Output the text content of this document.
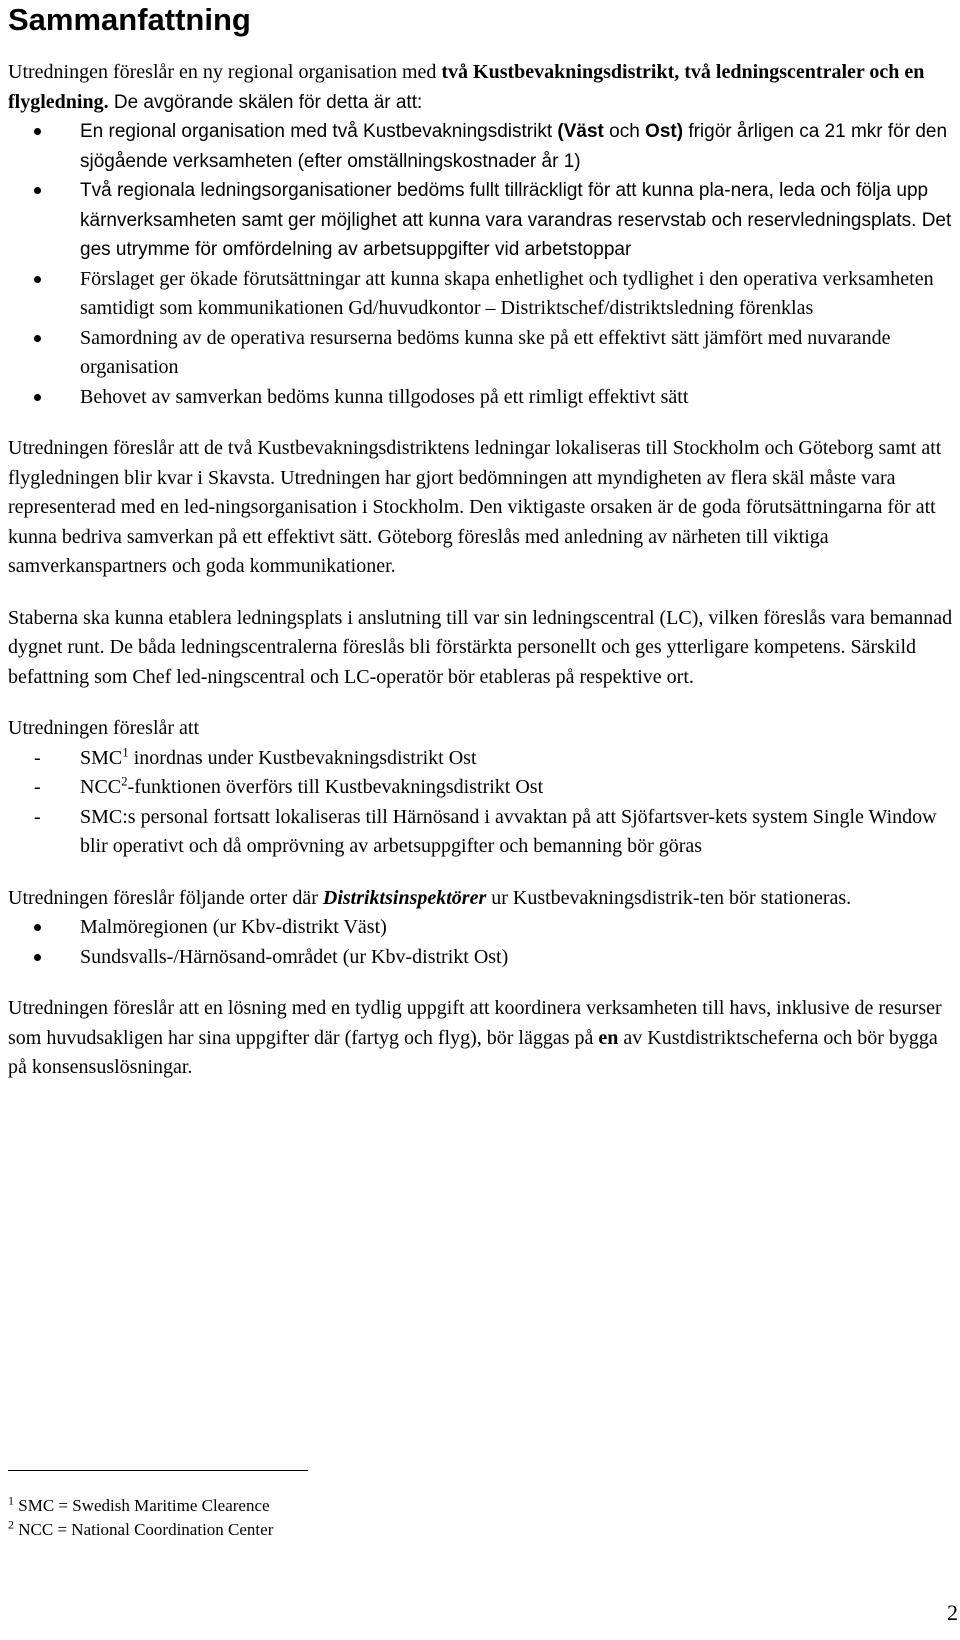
Sammanfattning

Utredningen föreslår en ny regional organisation med två Kustbevakningsdistrikt, två ledningscentraler och en flygledning. De avgörande skälen för detta är att:

En regional organisation med två Kustbevakningsdistrikt (Väst och Ost) frigör årligen ca 21 mkr för den sjögående verksamheten (efter omställningskostnader år 1)
Två regionala ledningsorganisationer bedöms fullt tillräckligt för att kunna pla-nera, leda och följa upp kärnverksamheten samt ger möjlighet att kunna vara varandras reservstab och reservledningsplats. Det ges utrymme för omfördelning av arbetsuppgifter vid arbetstoppar
Förslaget ger ökade förutsättningar att kunna skapa enhetlighet och tydlighet i den operativa verksamheten samtidigt som kommunikationen Gd/huvudkontor – Distriktschef/distriktsledning förenklas
Samordning av de operativa resurserna bedöms kunna ske på ett effektivt sätt jämfört med nuvarande organisation
Behovet av samverkan bedöms kunna tillgodoses på ett rimligt effektivt sätt

Utredningen föreslår att de två Kustbevakningsdistriktens ledningar lokaliseras till Stockholm och Göteborg samt att flygledningen blir kvar i Skavsta. Utredningen har gjort bedömningen att myndigheten av flera skäl måste vara representerad med en led-ningsorganisation i Stockholm. Den viktigaste orsaken är de goda förutsättningarna för att kunna bedriva samverkan på ett effektivt sätt. Göteborg föreslås med anledning av närheten till viktiga samverkanspartners och goda kommunikationer.

Staberna ska kunna etablera ledningsplats i anslutning till var sin ledningscentral (LC), vilken föreslås vara bemannad dygnet runt. De båda ledningscentralerna föreslås bli förstärkta personellt och ges ytterligare kompetens. Särskild befattning som Chef led-ningscentral och LC-operatör bör etableras på respektive ort.

Utredningen föreslår att

- SMC$^1$ inordnas under Kustbevakningsdistrikt Ost
- NCC$^2$-funktionen överförs till Kustbevakningsdistrikt Ost
- SMC:s personal fortsatt lokaliseras till Härnösand i avvaktan på att Sjöfartsver-kets system Single Window blir operativt och då omprövning av arbetsuppgifter och bemanning bör göras

Utredningen föreslår följande orter där Distriktsinspektörer ur Kustbevakningsdistrik-ten bör stationeras.

Malmöregionen (ur Kbv-distrikt Väst)
Sundsvalls-/Härnösand-området (ur Kbv-distrikt Ost)

Utredningen föreslår att en lösning med en tydlig uppgift att koordinera verksamheten till havs, inklusive de resurser som huvudsakligen har sina uppgifter där (fartyg och flyg), bör läggas på en av Kustdistriktscheferna och bör bygga på konsensuslösningar.

$^1$ SMC = Swedish Maritime Clearence
$^2$ NCC = National Coordination Center
2
